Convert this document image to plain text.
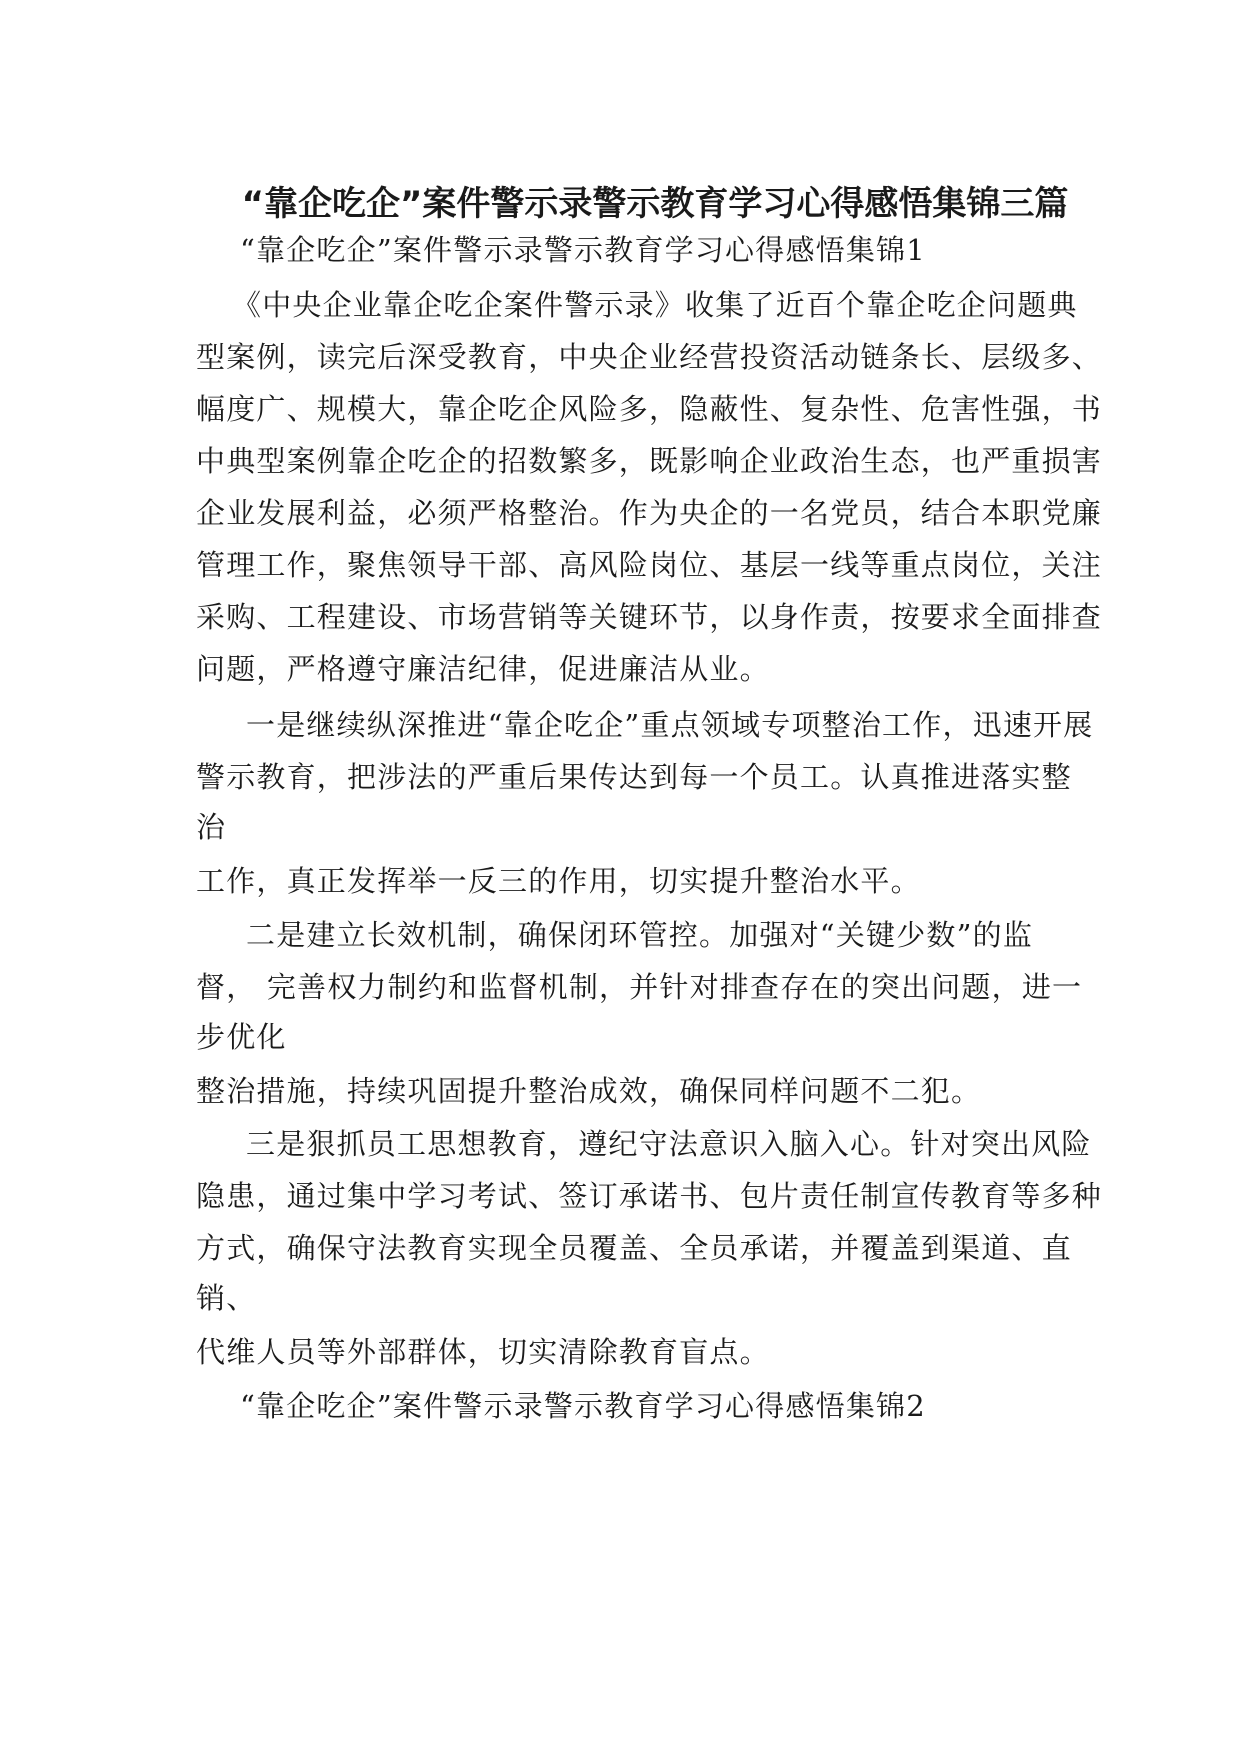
“靠企吃企”案件警示录警示教育学习心得感悟集锦三篇
“靠企吃企”案件警示录警示教育学习心得感悟集锦1
《中央企业靠企吃企案件警示录》收集了近百个靠企吃企问题典
型案例，读完后深受教育，中央企业经营投资活动链条长、层级多、
幅度广、规模大，靠企吃企风险多，隐蔽性、复杂性、危害性强，书
中典型案例靠企吃企的招数繁多，既影响企业政治生态，也严重损害
企业发展利益，必须严格整治。作为央企的一名党员，结合本职党廉
管理工作，聚焦领导干部、高风险岗位、基层一线等重点岗位，关注
采购、工程建设、市场营销等关键环节，以身作责，按要求全面排查
问题，严格遵守廉洁纪律，促进廉洁从业。
一是继续纵深推进“靠企吃企”重点领域专项整治工作，迅速开展
警示教育，把涉法的严重后果传达到每一个员工。认真推进落实整
治
工作，真正发挥举一反三的作用，切实提升整治水平。
二是建立长效机制，确保闭环管控。加强对“关键少数”的监
督， 完善权力制约和监督机制，并针对排查存在的突出问题，进一
步优化
整治措施，持续巩固提升整治成效，确保同样问题不二犯。
三是狠抓员工思想教育，遵纪守法意识入脑入心。针对突出风险
隐患，通过集中学习考试、签订承诺书、包片责任制宣传教育等多种
方式，确保守法教育实现全员覆盖、全员承诺，并覆盖到渠道、直
销、
代维人员等外部群体，切实清除教育盲点。
“靠企吃企”案件警示录警示教育学习心得感悟集锦2
